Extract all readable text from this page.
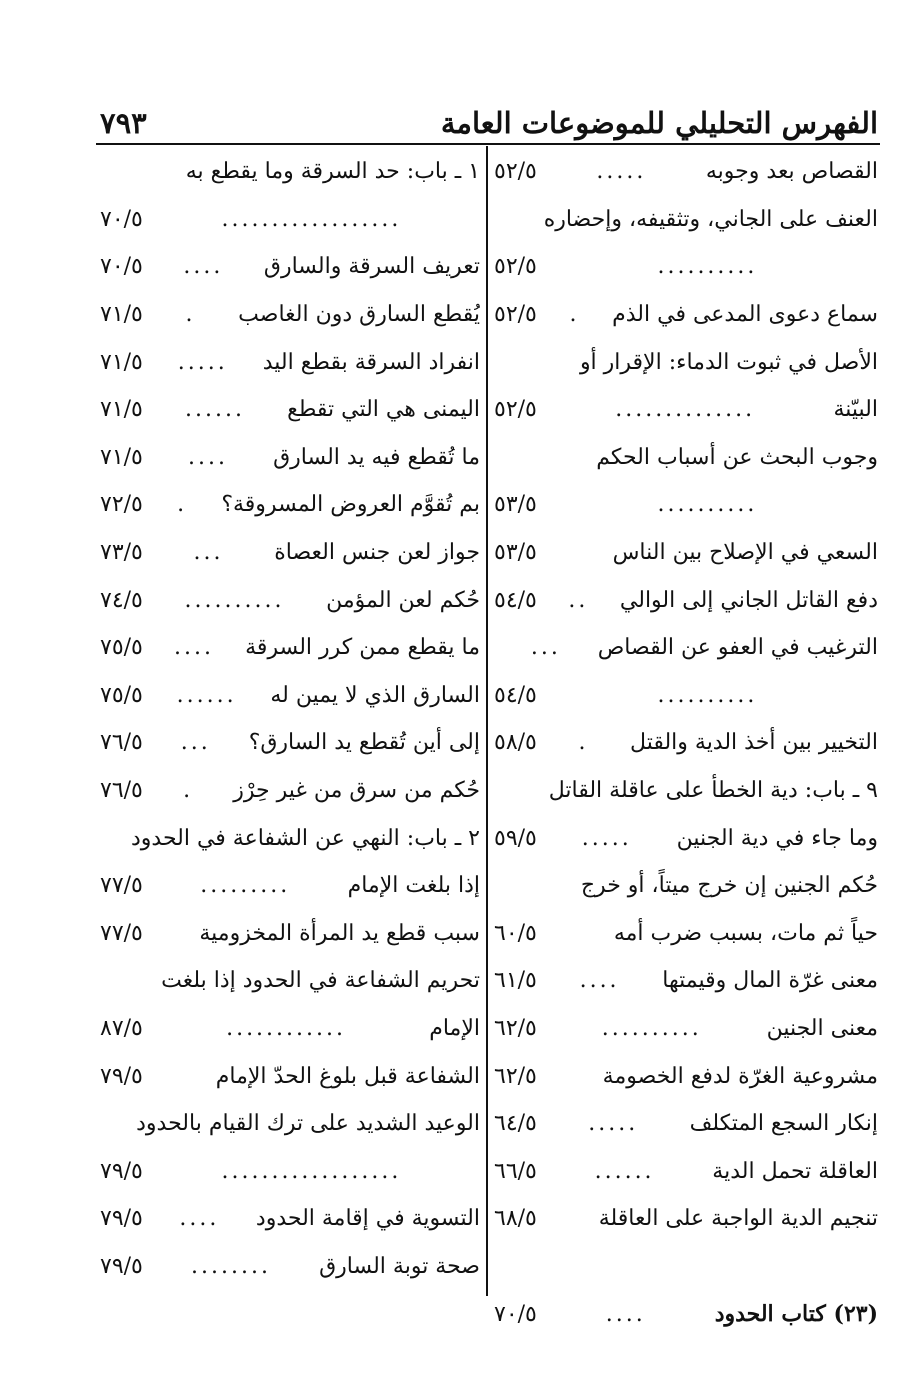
الفهرس التحليلي للموضوعات العامة
٧٩٣
القصاص بعد وجوبه
.....
٥٢/٥
العنف على الجاني، وتثقيفه، وإحضاره
..........
٥٢/٥
سماع دعوى المدعى في الذم
.
٥٢/٥
الأصل في ثبوت الدماء: الإقرار أو
البيّنة
..............
٥٢/٥
وجوب البحث عن أسباب الحكم
..........
٥٣/٥
السعي في الإصلاح بين الناس
٥٣/٥
دفع القاتل الجاني إلى الوالي
..
٥٤/٥
الترغيب في العفو عن القصاص
...
..........
٥٤/٥
التخيير بين أخذ الدية والقتل
.
٥٨/٥
٩ ـ باب: دية الخطأ على عاقلة القاتل
وما جاء في دية الجنين
.....
٥٩/٥
حُكم الجنين إن خرج ميتاً، أو خرج
حياً ثم مات، بسبب ضرب أمه
٦٠/٥
معنى غرّة المال وقيمتها
....
٦١/٥
معنى الجنين
..........
٦٢/٥
مشروعية الغرّة لدفع الخصومة
٦٢/٥
إنكار السجع المتكلف
.....
٦٤/٥
العاقلة تحمل الدية
......
٦٦/٥
تنجيم الدية الواجبة على العاقلة
٦٨/٥
(٢٣) كتاب الحدود
....
٧٠/٥
١ ـ باب: حد السرقة وما يقطع به
..................
٧٠/٥
تعريف السرقة والسارق
....
٧٠/٥
يُقطع السارق دون الغاصب
.
٧١/٥
انفراد السرقة بقطع اليد
.....
٧١/٥
اليمنى هي التي تقطع
......
٧١/٥
ما تُقطع فيه يد السارق
....
٧١/٥
بم تُقوَّم العروض المسروقة؟
.
٧٢/٥
جواز لعن جنس العصاة
...
٧٣/٥
حُكم لعن المؤمن
..........
٧٤/٥
ما يقطع ممن كرر السرقة
....
٧٥/٥
السارق الذي لا يمين له
......
٧٥/٥
إلى أين تُقطع يد السارق؟
...
٧٦/٥
حُكم من سرق من غير حِرْز
.
٧٦/٥
٢ ـ باب: النهي عن الشفاعة في الحدود
إذا بلغت الإمام
.........
٧٧/٥
سبب قطع يد المرأة المخزومية
٧٧/٥
تحريم الشفاعة في الحدود إذا بلغت
الإمام
............
٨٧/٥
الشفاعة قبل بلوغ الحدّ الإمام
٧٩/٥
الوعيد الشديد على ترك القيام بالحدود
..................
٧٩/٥
التسوية في إقامة الحدود
....
٧٩/٥
صحة توبة السارق
........
٧٩/٥
